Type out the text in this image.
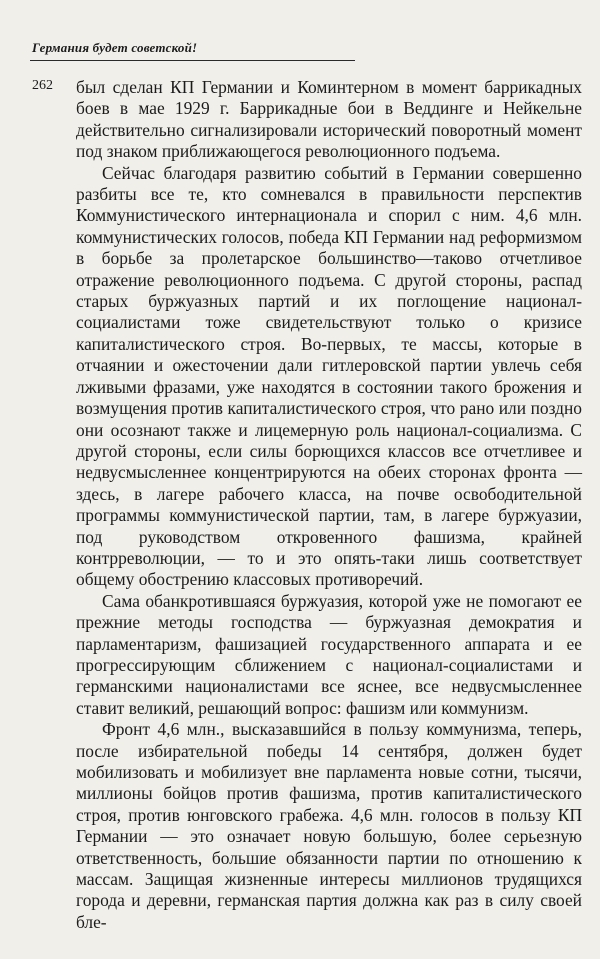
Германия будет советской!
262 был сделан КП Германии и Коминтерном в момент баррикадных боев в мае 1929 г. Баррикадные бои в Веддинге и Нейкельне действительно сигнализировали исторический поворотный момент под знаком приближающегося революционного подъема.

Сейчас благодаря развитию событий в Германии совершенно разбиты все те, кто сомневался в правильности перспектив Коммунистического интернационала и спорил с ним. 4,6 млн. коммунистических голосов, победа КП Германии над реформизмом в борьбе за пролетарское большинство—таково отчетливое отражение революционного подъема. С другой стороны, распад старых буржуазных партий и их поглощение национал-социалистами тоже свидетельствуют только о кризисе капиталистического строя. Во-первых, те массы, которые в отчаянии и ожесточении дали гитлеровской партии увлечь себя лживыми фразами, уже находятся в состоянии такого брожения и возмущения против капиталистического строя, что рано или поздно они осознают также и лицемерную роль национал-социализма. С другой стороны, если силы борющихся классов все отчетливее и недвусмысленнее концентрируются на обеих сторонах фронта — здесь, в лагере рабочего класса, на почве освободительной программы коммунистической партии, там, в лагере буржуазии, под руководством откровенного фашизма, крайней контрреволюции, — то и это опять-таки лишь соответствует общему обострению классовых противоречий.

Сама обанкротившаяся буржуазия, которой уже не помогают ее прежние методы господства — буржуазная демократия и парламентаризм, фашизацией государственного аппарата и ее прогрессирующим сближением с национал-социалистами и германскими националистами все яснее, все недвусмысленнее ставит великий, решающий вопрос: фашизм или коммунизм.

Фронт 4,6 млн., высказавшийся в пользу коммунизма, теперь, после избирательной победы 14 сентября, должен будет мобилизовать и мобилизует вне парламента новые сотни, тысячи, миллионы бойцов против фашизма, против капиталистического строя, против юнговского грабежа. 4,6 млн. голосов в пользу КП Германии — это означает новую большую, более серьезную ответственность, большие обязанности партии по отношению к массам. Защищая жизненные интересы миллионов трудящихся города и деревни, германская партия должна как раз в силу своей бле-
